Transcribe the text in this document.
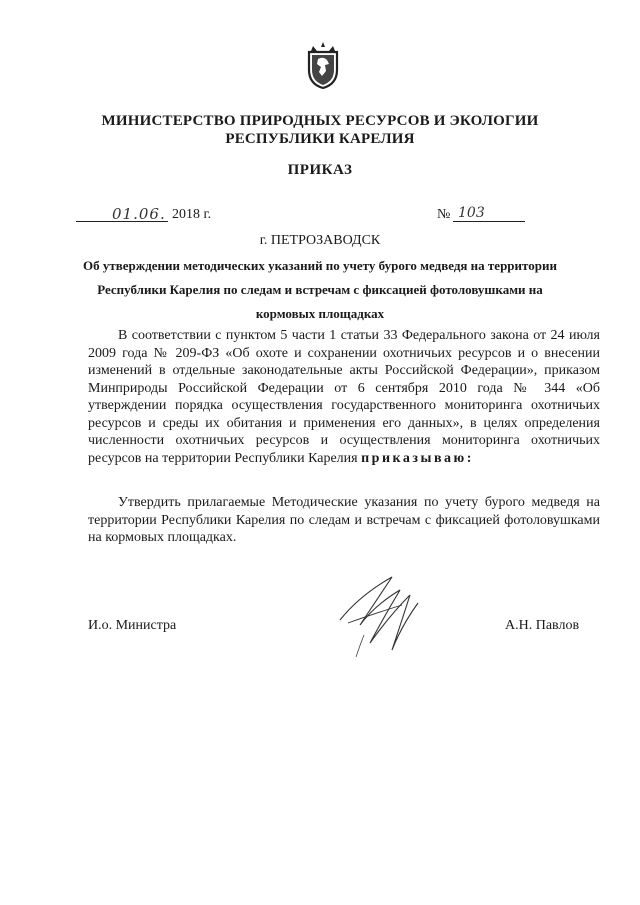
МИНИСТЕРСТВО ПРИРОДНЫХ РЕСУРСОВ И ЭКОЛОГИИ
РЕСПУБЛИКИ КАРЕЛИЯ
ПРИКАЗ
01.06. 2018 г.	№ 103
г. ПЕТРОЗАВОДСК
Об утверждении методических указаний по учету бурого медведя на территории
Республики Карелия по следам и встречам с фиксацией фотоловушками на
кормовых площадках

В соответствии с пунктом 5 части 1 статьи 33 Федерального закона от 24 июля 2009 года № 209-ФЗ «Об охоте и сохранении охотничьих ресурсов и о внесении изменений в отдельные законодательные акты Российской Федерации», приказом Минприроды Российской Федерации от 6 сентября 2010 года № 344 «Об утверждении порядка осуществления государственного мониторинга охотничьих ресурсов и среды их обитания и применения его данных», в целях определения численности охотничьих ресурсов и осуществления мониторинга охотничьих ресурсов на территории Республики Карелия приказываю:

Утвердить прилагаемые Методические указания по учету бурого медведя на территории Республики Карелия по следам и встречам с фиксацией фотоловушками на кормовых площадках.

И.о. Министра	А.Н. Павлов
